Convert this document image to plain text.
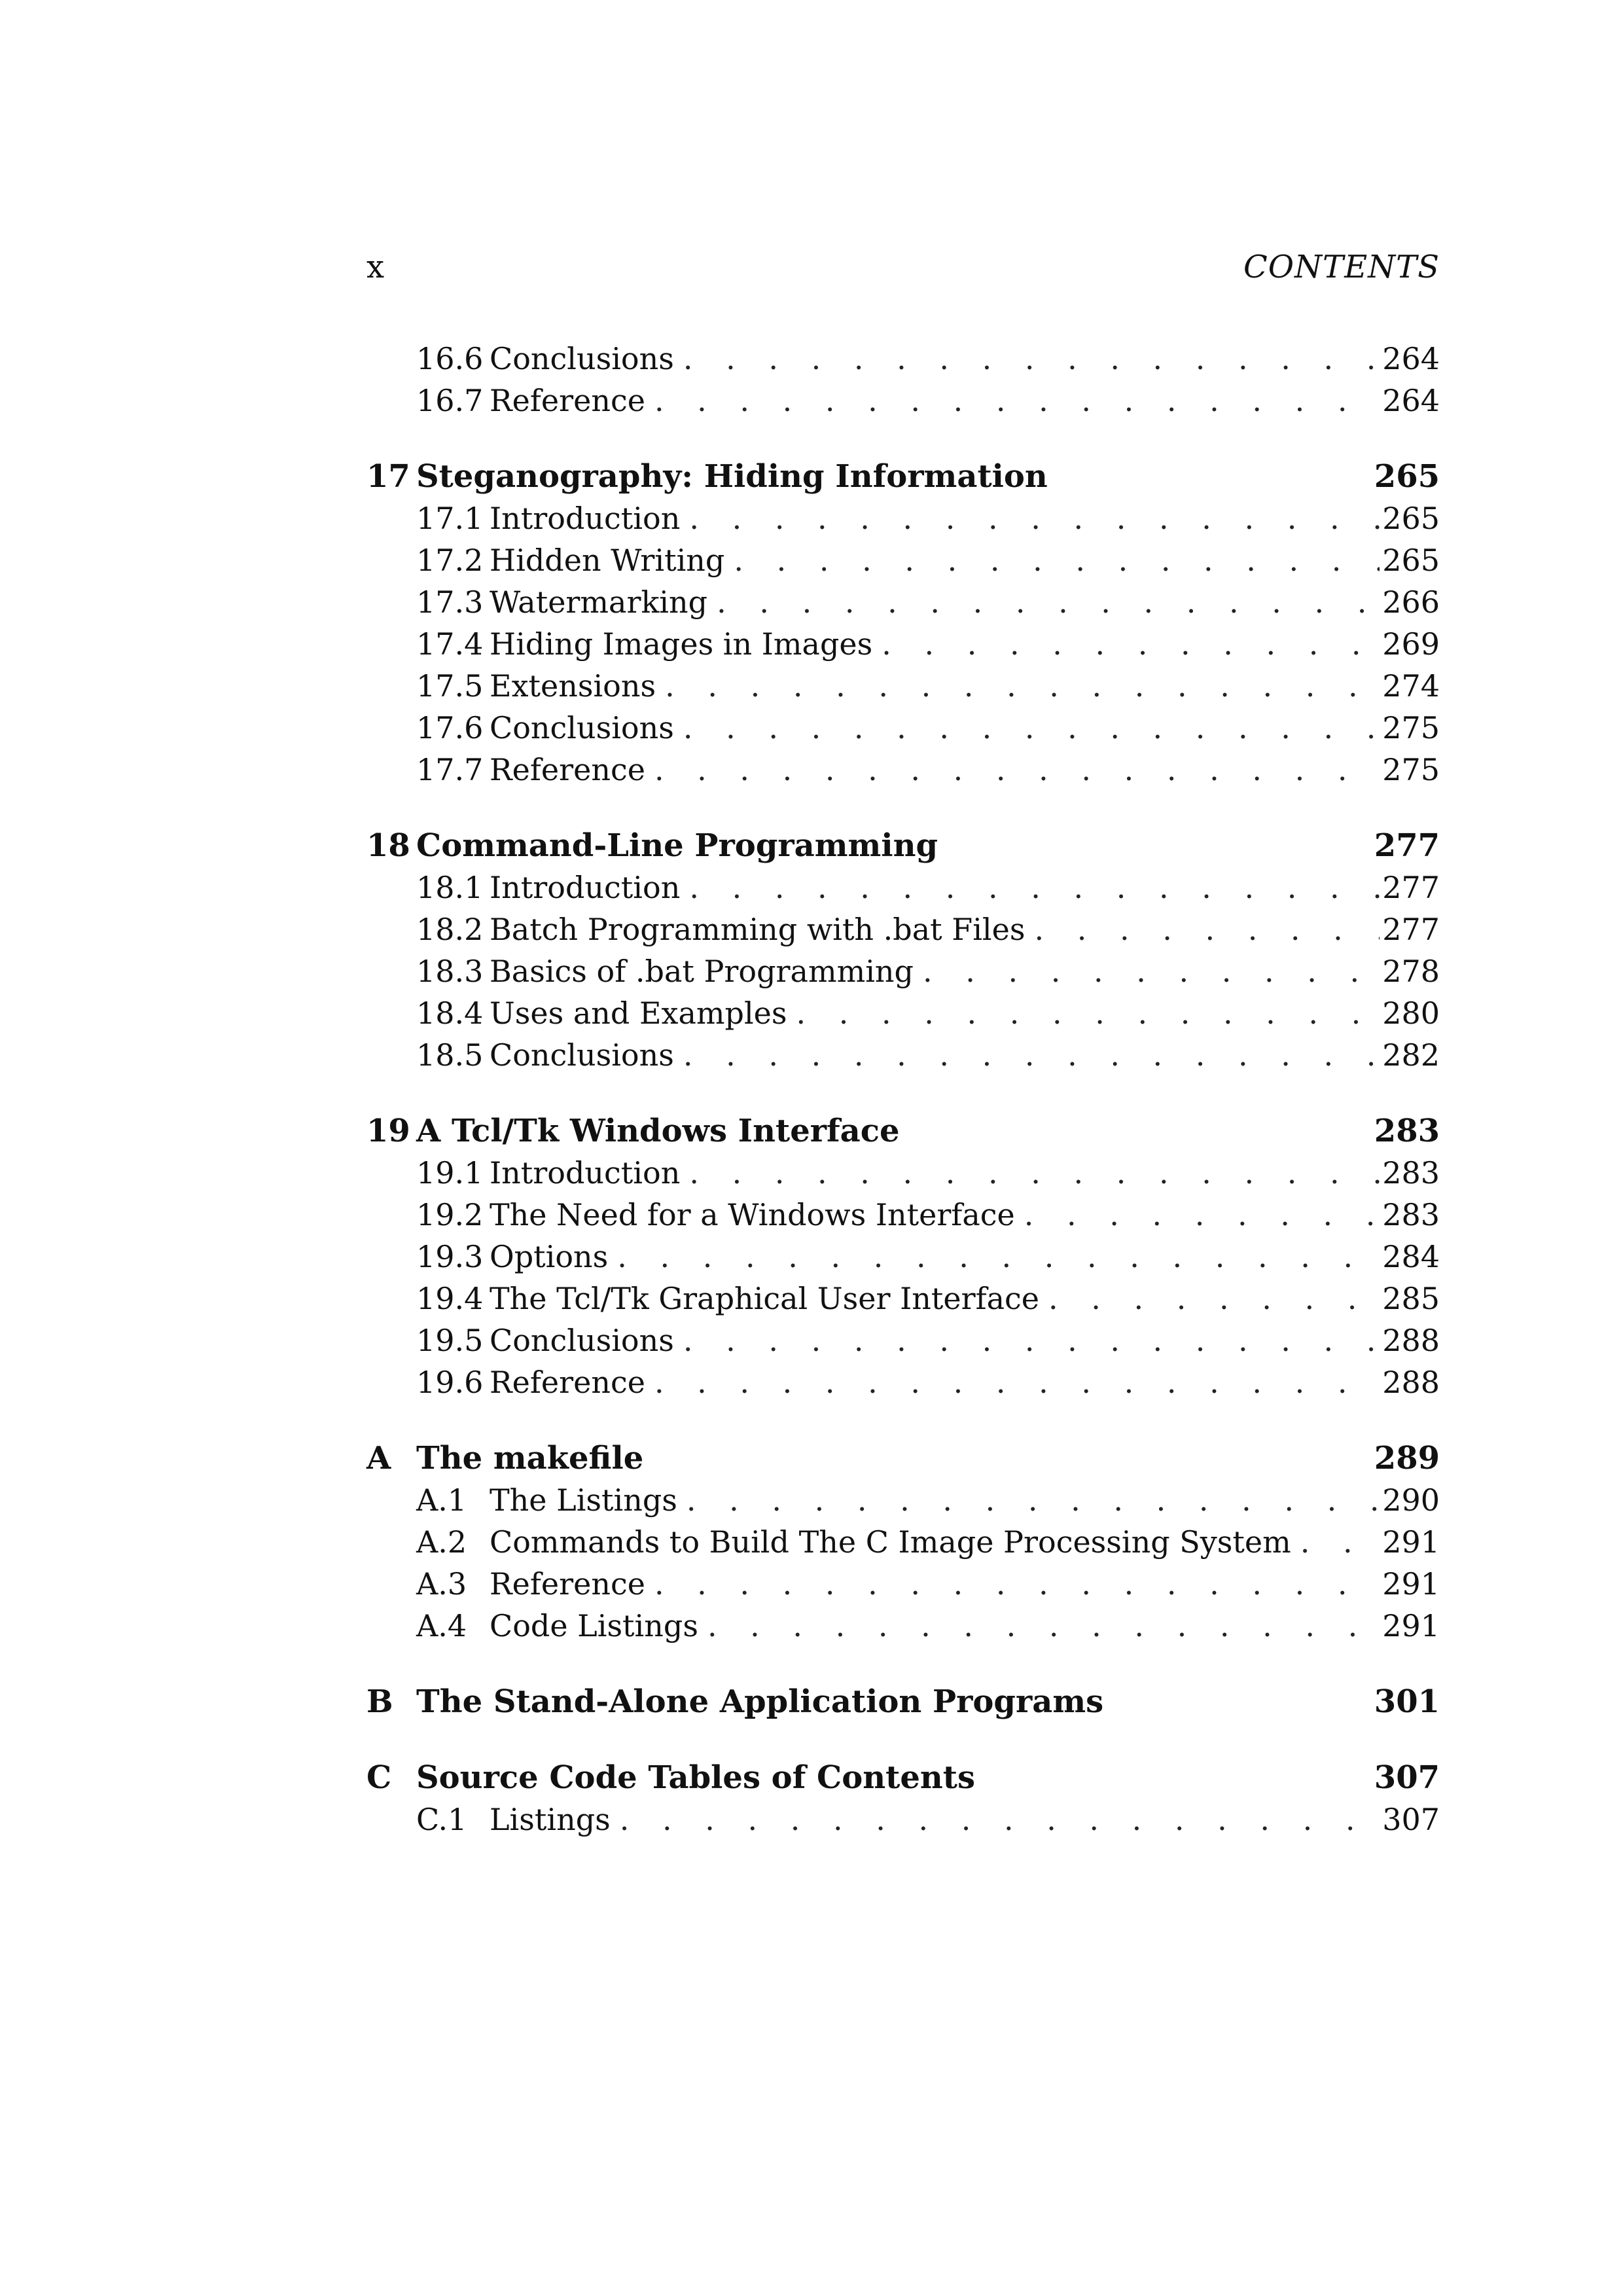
x	CONTENTS
16.6 Conclusions . . .	264
16.7 Reference . . .	264
17 Steganography: Hiding Information	265
17.1 Introduction . . .	265
17.2 Hidden Writing . . .	265
17.3 Watermarking . . .	266
17.4 Hiding Images in Images . . .	269
17.5 Extensions . . .	274
17.6 Conclusions . . .	275
17.7 Reference . . .	275
18 Command-Line Programming	277
18.1 Introduction . . .	277
18.2 Batch Programming with .bat Files . . .	277
18.3 Basics of .bat Programming . . .	278
18.4 Uses and Examples . . .	280
18.5 Conclusions . . .	282
19 A Tcl/Tk Windows Interface	283
19.1 Introduction . . .	283
19.2 The Need for a Windows Interface . . .	283
19.3 Options . . .	284
19.4 The Tcl/Tk Graphical User Interface . . .	285
19.5 Conclusions . . .	288
19.6 Reference . . .	288
A The makefile	289
A.1 The Listings . . .	290
A.2 Commands to Build The C Image Processing System . . .	291
A.3 Reference . . .	291
A.4 Code Listings . . .	291
B The Stand-Alone Application Programs	301
C Source Code Tables of Contents	307
C.1 Listings . . .	307
